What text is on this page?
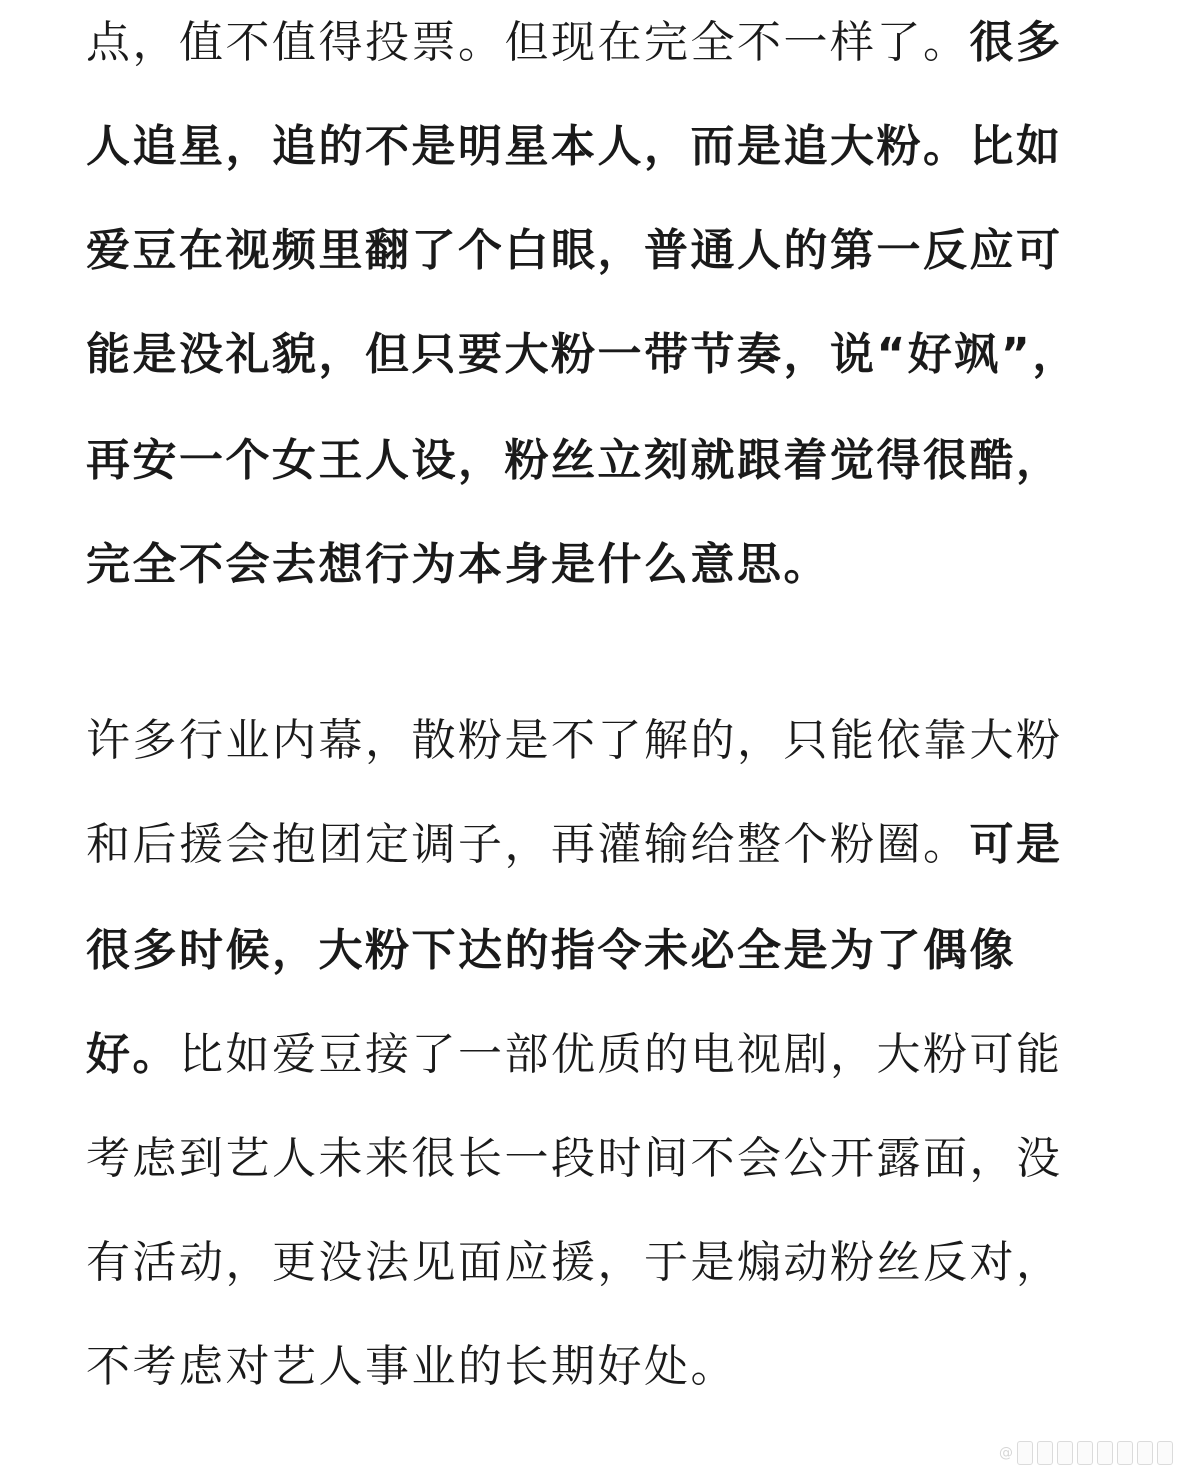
点，值不值得投票。但现在完全不一样了。很多
人追星，追的不是明星本人，而是追大粉。比如
爱豆在视频里翻了个白眼，普通人的第一反应可
能是没礼貌，但只要大粉一带节奏，说“好飒”，
再安一个女王人设，粉丝立刻就跟着觉得很酷，
完全不会去想行为本身是什么意思。
许多行业内幕，散粉是不了解的，只能依靠大粉
和后援会抱团定调子，再灌输给整个粉圈。可是
很多时候，大粉下达的指令未必全是为了偶像
好。比如爱豆接了一部优质的电视剧，大粉可能
考虑到艺人未来很长一段时间不会公开露面，没
有活动，更没法见面应援，于是煽动粉丝反对，
不考虑对艺人事业的长期好处。
@
